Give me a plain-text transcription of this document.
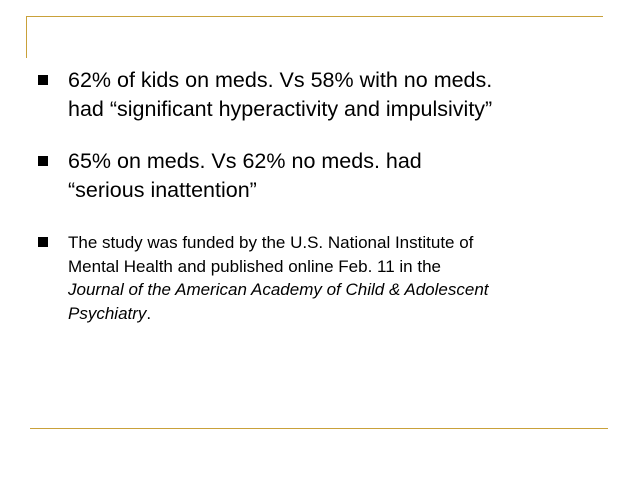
62% of kids on meds. Vs 58% with no meds.
had “significant hyperactivity and impulsivity”
65% on meds. Vs 62% no meds. had
“serious inattention”
The study was funded by the U.S. National Institute of
Mental Health and published online Feb. 11 in the
Journal of the American Academy of Child & Adolescent
Psychiatry.
